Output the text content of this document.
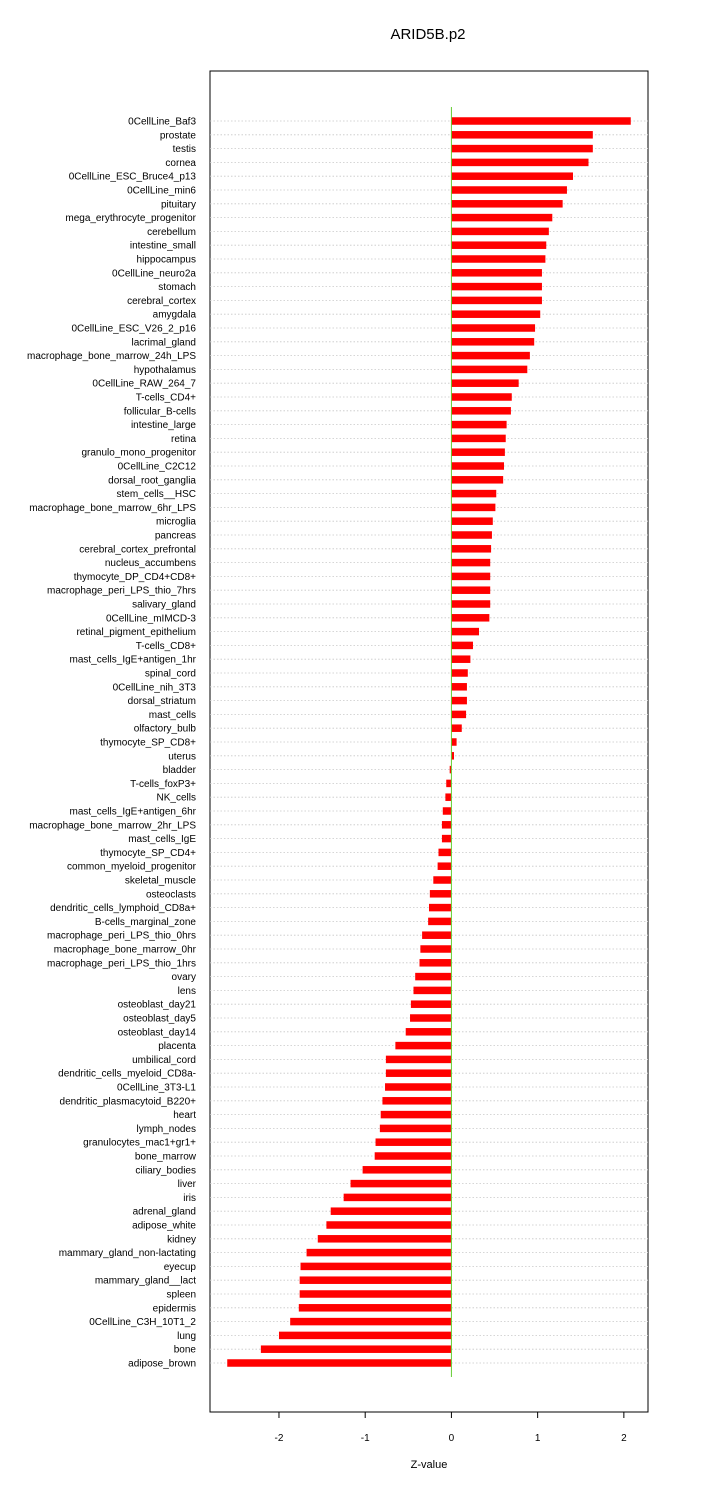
ARID5B.p2
0CellLine_Baf3
prostate
testis
cornea
0CellLine_ESC_Bruce4_p13
0CellLine_min6
pituitary
mega_erythrocyte_progenitor
cerebellum
intestine_small
hippocampus
0CellLine_neuro2a
stomach
cerebral_cortex
amygdala
0CellLine_ESC_V26_2_p16
lacrimal_gland
macrophage_bone_marrow_24h_LPS
hypothalamus
0CellLine_RAW_264_7
T-cells_CD4+
follicular_B-cells
intestine_large
retina
granulo_mono_progenitor
0CellLine_C2C12
dorsal_root_ganglia
stem_cells__HSC
macrophage_bone_marrow_6hr_LPS
microglia
pancreas
cerebral_cortex_prefrontal
nucleus_accumbens
thymocyte_DP_CD4+CD8+
macrophage_peri_LPS_thio_7hrs
salivary_gland
0CellLine_mIMCD-3
retinal_pigment_epithelium
T-cells_CD8+
mast_cells_IgE+antigen_1hr
spinal_cord
0CellLine_nih_3T3
dorsal_striatum
mast_cells
olfactory_bulb
thymocyte_SP_CD8+
uterus
bladder
T-cells_foxP3+
NK_cells
mast_cells_IgE+antigen_6hr
macrophage_bone_marrow_2hr_LPS
mast_cells_IgE
thymocyte_SP_CD4+
common_myeloid_progenitor
skeletal_muscle
osteoclasts
dendritic_cells_lymphoid_CD8a+
B-cells_marginal_zone
macrophage_peri_LPS_thio_0hrs
macrophage_bone_marrow_0hr
macrophage_peri_LPS_thio_1hrs
ovary
lens
osteoblast_day21
osteoblast_day5
osteoblast_day14
placenta
umbilical_cord
dendritic_cells_myeloid_CD8a-
0CellLine_3T3-L1
dendritic_plasmacytoid_B220+
heart
lymph_nodes
granulocytes_mac1+gr1+
bone_marrow
ciliary_bodies
liver
iris
adrenal_gland
adipose_white
kidney
mammary_gland_non-lactating
eyecup
mammary_gland__lact
spleen
epidermis
0CellLine_C3H_10T1_2
lung
bone
adipose_brown
-2	-1	0	1	2
Z-value
